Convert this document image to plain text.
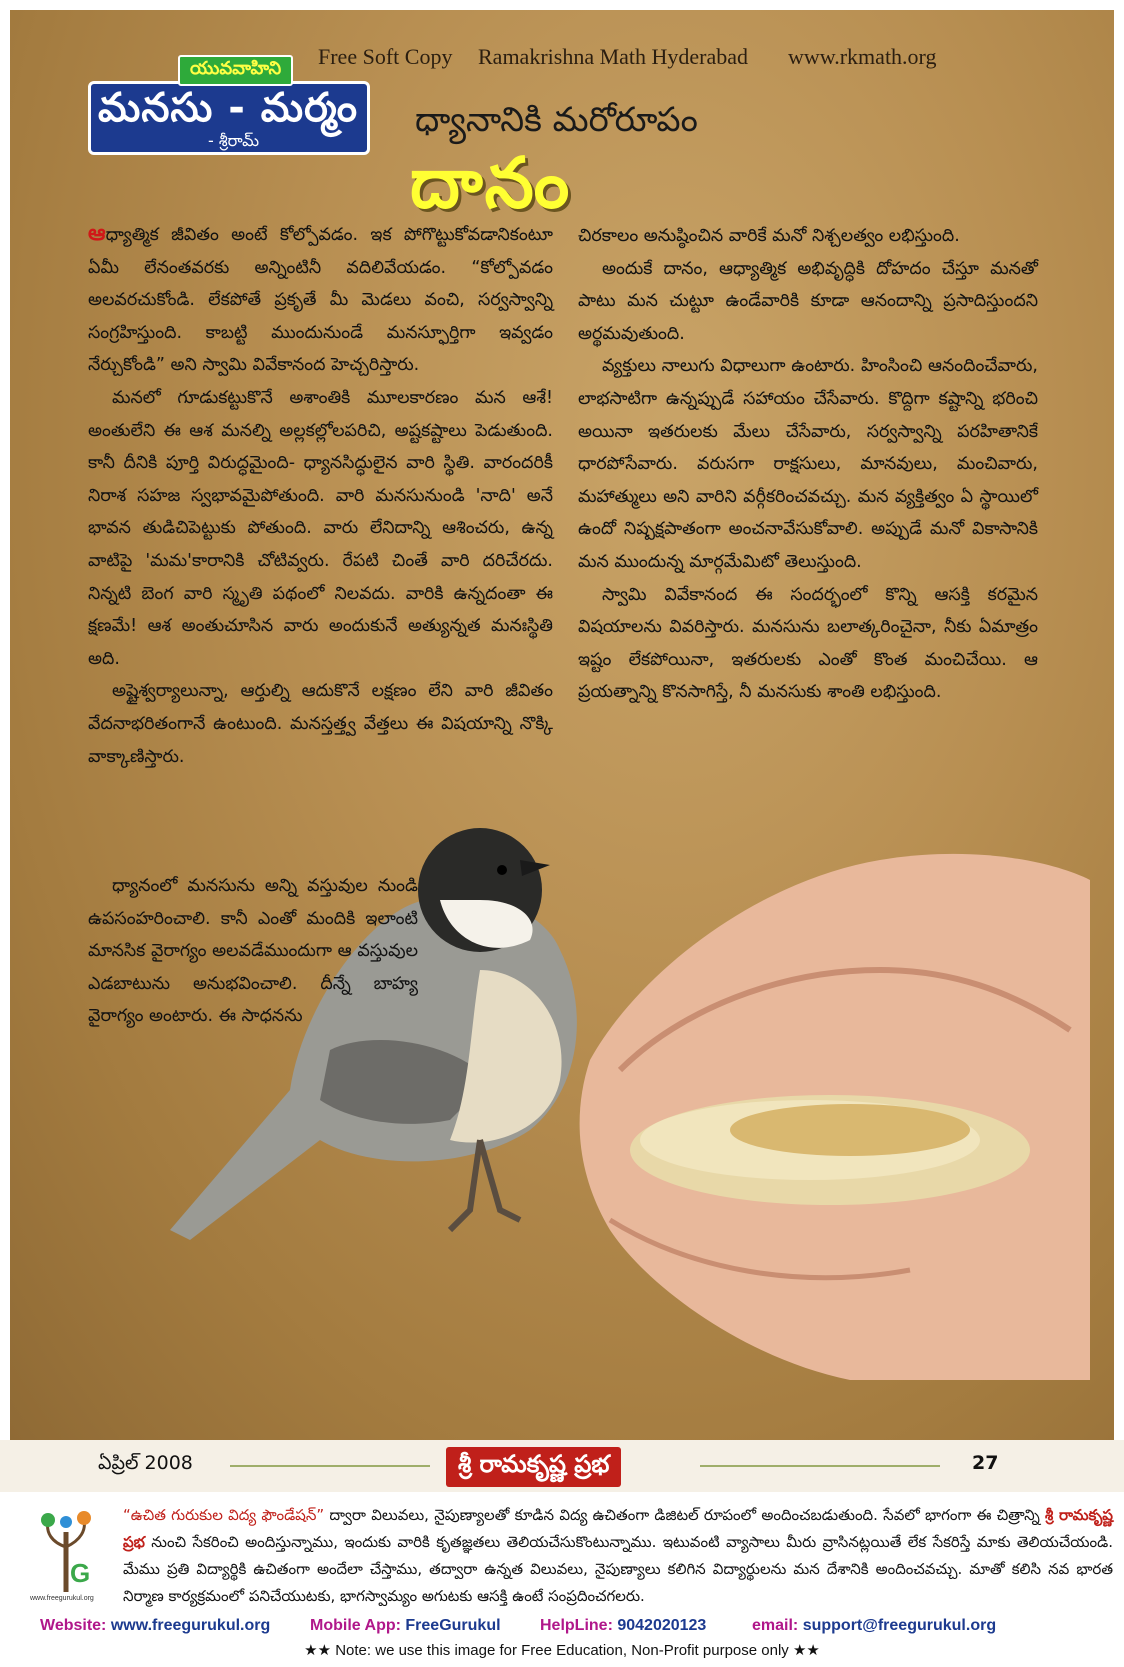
Free Soft Copy Ramakrishna Math Hyderabad www.rkmath.org
యువవాహిని
మనసు - మర్మం
- శ్రీరామ్
ధ్యానానికి మరోరూపం
దానం

ఆధ్యాత్మిక జీవితం అంటే కోల్పోవడం. ఇక పోగొట్టుకోవడానికంటూ ఏమీ లేనంతవరకు అన్నింటినీ వదిలివేయడం. “కోల్పోవడం అలవరచుకోండి. లేకపోతే ప్రకృతే మీ మెడలు వంచి, సర్వస్వాన్ని సంగ్రహిస్తుంది. కాబట్టి ముందునుండే మనస్ఫూర్తిగా ఇవ్వడం నేర్చుకోండి” అని స్వామి వివేకానంద హెచ్చరిస్తారు.

మనలో గూడుకట్టుకొనే అశాంతికి మూలకారణం మన ఆశే! అంతులేని ఈ ఆశ మనల్ని అల్లకల్లోలపరిచి, అష్టకష్టాలు పెడుతుంది. కానీ దీనికి పూర్తి విరుద్ధమైంది- ధ్యానసిద్ధులైన వారి స్థితి. వారందరికీ నిరాశ సహజ స్వభావమైపోతుంది. వారి మనసునుండి 'నాది' అనే భావన తుడిచిపెట్టుకు పోతుంది. వారు లేనిదాన్ని ఆశించరు, ఉన్న వాటిపై 'మమ'కారానికి చోటివ్వరు. రేపటి చింతే వారి దరిచేరదు. నిన్నటి బెంగ వారి స్మృతి పథంలో నిలవదు. వారికి ఉన్నదంతా ఈ క్షణమే! ఆశ అంతుచూసిన వారు అందుకునే అత్యున్నత మనఃస్థితి అది.

అష్టైశ్వర్యాలున్నా, ఆర్తుల్ని ఆదుకొనే లక్షణం లేని వారి జీవితం వేదనాభరితంగానే ఉంటుంది. మనస్తత్త్వ వేత్తలు ఈ విషయాన్ని నొక్కి వాక్కాణిస్తారు.

ధ్యానంలో మనసును అన్ని వస్తువుల నుండి ఉపసంహరించాలి. కానీ ఎంతో మందికి ఇలాంటి మానసిక వైరాగ్యం అలవడేముందుగా ఆ వస్తువుల ఎడబాటును అనుభవించాలి. దీన్నే బాహ్య వైరాగ్యం అంటారు. ఈ సాధనను

చిరకాలం అనుష్ఠించిన వారికే మనో నిశ్చలత్వం లభిస్తుంది.

అందుకే దానం, ఆధ్యాత్మిక అభివృద్ధికి దోహదం చేస్తూ మనతో పాటు మన చుట్టూ ఉండేవారికి కూడా ఆనందాన్ని ప్రసాదిస్తుందని అర్థమవుతుంది.

వ్యక్తులు నాలుగు విధాలుగా ఉంటారు. హింసించి ఆనందించేవారు, లాభసాటిగా ఉన్నప్పుడే సహాయం చేసేవారు. కొద్దిగా కష్టాన్ని భరించి అయినా ఇతరులకు మేలు చేసేవారు, సర్వస్వాన్ని పరహితానికే ధారపోసేవారు. వరుసగా రాక్షసులు, మానవులు, మంచివారు, మహాత్ములు అని వారిని వర్గీకరించవచ్చు. మన వ్యక్తిత్వం ఏ స్థాయిలో ఉందో నిష్పక్షపాతంగా అంచనావేసుకోవాలి. అప్పుడే మనో వికాసానికి మన ముందున్న మార్గమేమిటో తెలుస్తుంది.

స్వామి వివేకానంద ఈ సందర్భంలో కొన్ని ఆసక్తి కరమైన విషయాలను వివరిస్తారు. మనసును బలాత్కరించైనా, నీకు ఏమాత్రం ఇష్టం లేకపోయినా, ఇతరులకు ఎంతో కొంత మంచిచేయి. ఆ ప్రయత్నాన్ని కొనసాగిస్తే, నీ మనసుకు శాంతి లభిస్తుంది.

ఏప్రిల్ 2008	శ్రీ రామకృష్ణ ప్రభ	27
G
www.freegurukul.org
“ఉచిత గురుకుల విద్య ఫౌండేషన్” ద్వారా విలువలు, నైపుణ్యాలతో కూడిన విద్య ఉచితంగా డిజిటల్ రూపంలో అందించబడుతుంది. సేవలో భాగంగా ఈ చిత్రాన్ని శ్రీ రామకృష్ణ ప్రభ నుంచి సేకరించి అందిస్తున్నాము, ఇందుకు వారికి కృతజ్ఞతలు తెలియచేసుకొంటున్నాము. ఇటువంటి వ్యాసాలు మీరు వ్రాసినట్లయితే లేక సేకరిస్తే మాకు తెలియచేయండి. మేము ప్రతి విద్యార్థికి ఉచితంగా అందేలా చేస్తాము, తద్వారా ఉన్నత విలువలు, నైపుణ్యాలు కలిగిన విద్యార్థులను మన దేశానికి అందించవచ్చు. మాతో కలిసి నవ భారత నిర్మాణ కార్యక్రమంలో పనిచేయుటకు, భాగస్వామ్యం అగుటకు ఆసక్తి ఉంటే సంప్రదించగలరు.
Website: www.freegurukul.org Mobile App: FreeGurukul HelpLine: 9042020123	email: support@freegurukul.org
★★ Note: we use this image for Free Education, Non-Profit purpose only ★★
